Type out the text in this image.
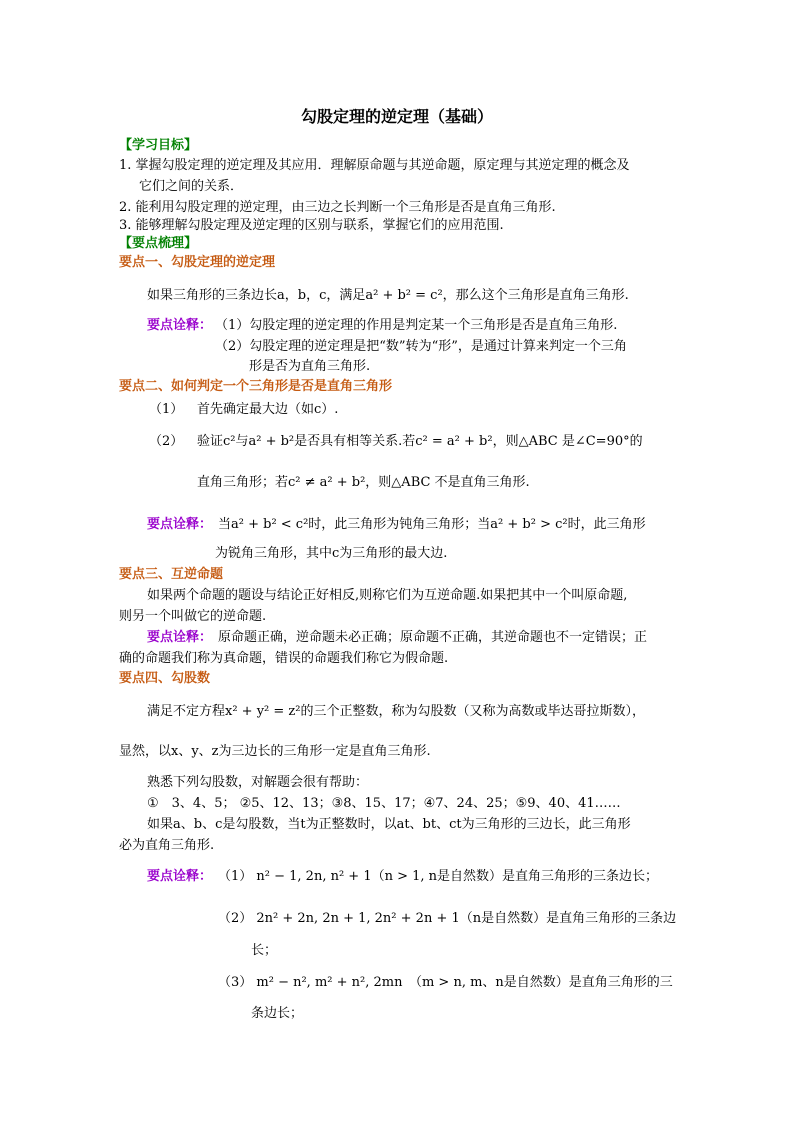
勾股定理的逆定理（基础）
【学习目标】
1. 掌握勾股定理的逆定理及其应用．理解原命题与其逆命题，原定理与其逆定理的概念及
它们之间的关系．
2. 能利用勾股定理的逆定理，由三边之长判断一个三角形是否是直角三角形.
3. 能够理解勾股定理及逆定理的区别与联系，掌握它们的应用范围.
【要点梳理】
要点一、勾股定理的逆定理
如果三角形的三条边长a，b，c，满足a² + b² = c²，那么这个三角形是直角三角形.
要点诠释： （1）勾股定理的逆定理的作用是判定某一个三角形是否是直角三角形.
（2）勾股定理的逆定理是把“数”转为“形”，是通过计算来判定一个三角
形是否为直角三角形.
要点二、如何判定一个三角形是否是直角三角形
（1） 首先确定最大边（如c）.
（2） 验证c²与a² + b²是否具有相等关系.若c² = a² + b²，则△ABC 是∠C=90°的
直角三角形；若c² ≠ a² + b²，则△ABC 不是直角三角形.
要点诠释： 当a² + b² < c²时，此三角形为钝角三角形；当a² + b² > c²时，此三角形
为锐角三角形，其中c为三角形的最大边.
要点三、互逆命题
如果两个命题的题设与结论正好相反,则称它们为互逆命题.如果把其中一个叫原命题,
则另一个叫做它的逆命题.
要点诠释： 原命题正确，逆命题未必正确；原命题不正确，其逆命题也不一定错误；正
确的命题我们称为真命题，错误的命题我们称它为假命题.
要点四、勾股数
满足不定方程x² + y² = z²的三个正整数，称为勾股数（又称为高数或毕达哥拉斯数），
显然，以x、y、z为三边长的三角形一定是直角三角形.
熟悉下列勾股数，对解题会很有帮助：
①　3、4、5； ②5、12、13；③8、15、17；④7、24、25；⑤9、40、41……
如果a、b、c是勾股数，当t为正整数时，以at、bt、ct为三角形的三边长，此三角形
必为直角三角形.
要点诠释： （1） n² − 1, 2n, n² + 1（n > 1, n是自然数）是直角三角形的三条边长；
（2） 2n² + 2n, 2n + 1, 2n² + 2n + 1（n是自然数）是直角三角形的三条边
长；
（3） m² − n², m² + n², 2mn　（m > n, m、n是自然数）是直角三角形的三
条边长；
